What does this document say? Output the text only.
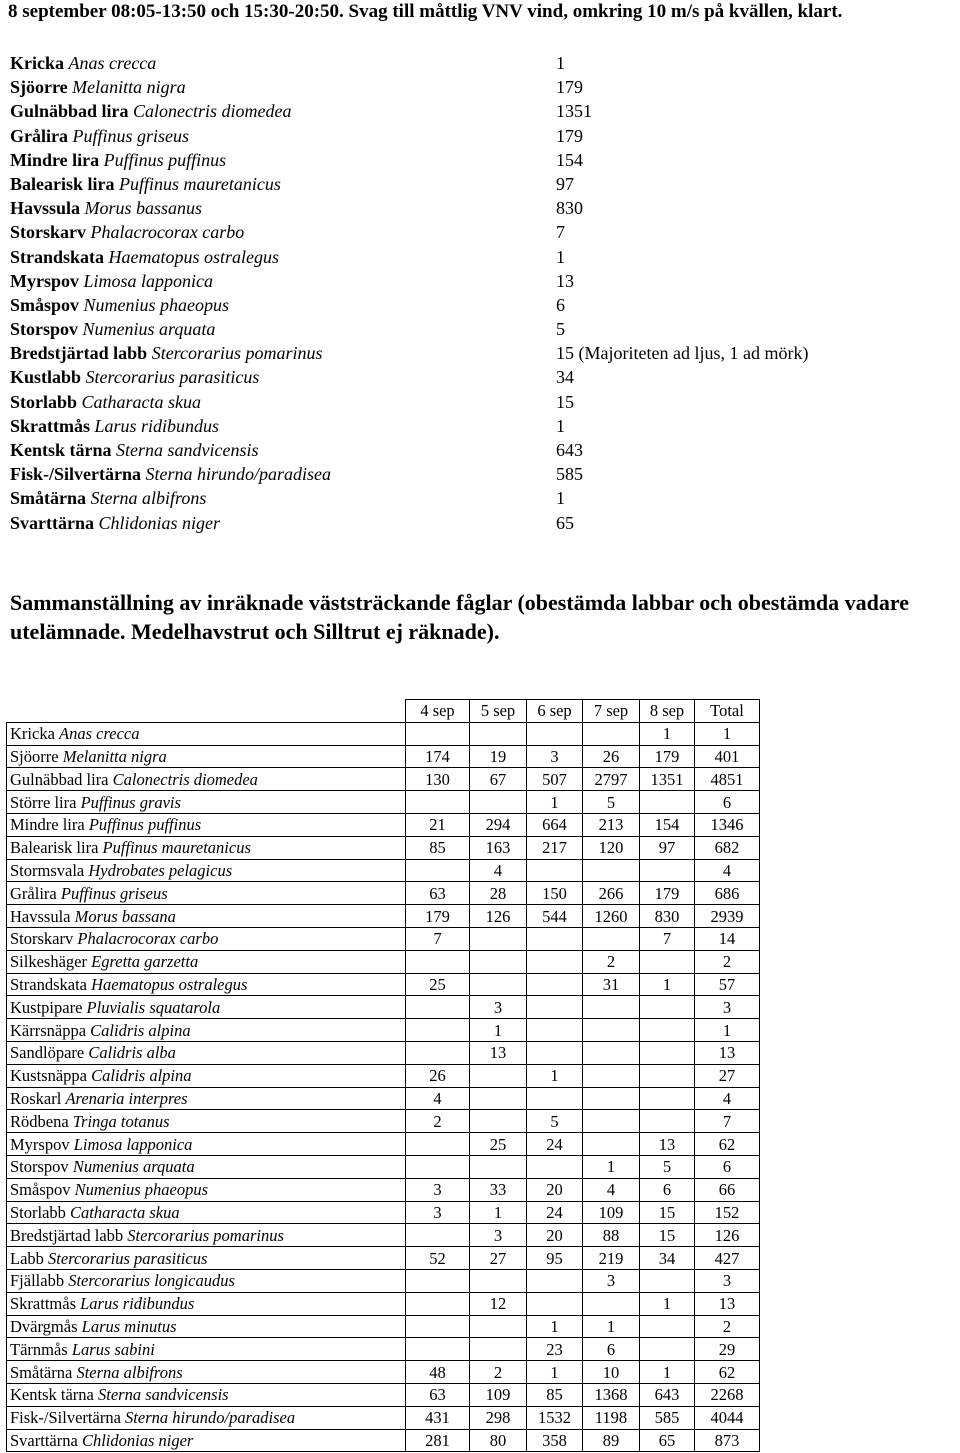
8 september 08:05-13:50 och 15:30-20:50. Svag till måttlig VNV vind, omkring 10 m/s på kvällen, klart.
Kricka Anas crecca	1
Sjöorre Melanitta nigra	179
Gulnäbbad lira Calonectris diomedea	1351
Grålira Puffinus griseus	179
Mindre lira Puffinus puffinus	154
Balearisk lira Puffinus mauretanicus	97
Havssula Morus bassanus	830
Storskarv Phalacrocorax carbo	7
Strandskata Haematopus ostralegus	1
Myrspov Limosa lapponica	13
Småspov Numenius phaeopus	6
Storspov Numenius arquata	5
Bredstjärtad labb Stercorarius pomarinus	15 (Majoriteten ad ljus, 1 ad mörk)
Kustlabb Stercorarius parasiticus	34
Storlabb Catharacta skua	15
Skrattmås Larus ridibundus	1
Kentsk tärna Sterna sandvicensis	643
Fisk-/Silvertärna Sterna hirundo/paradisea	585
Småtärna Sterna albifrons	1
Svarttärna Chlidonias niger	65
Sammanställning av inräknade väststräckande fåglar (obestämda labbar och obestämda vadare utelämnade. Medelhavstrut och Silltrut ej räknade).
	4 sep	5 sep	6 sep	7 sep	8 sep	Total
Kricka Anas crecca					1	1
Sjöorre Melanitta nigra	174	19	3	26	179	401
Gulnäbbad lira Calonectris diomedea	130	67	507	2797	1351	4851
Större lira Puffinus gravis			1	5		6
Mindre lira Puffinus puffinus	21	294	664	213	154	1346
Balearisk lira Puffinus mauretanicus	85	163	217	120	97	682
Stormsvala Hydrobates pelagicus		4				4
Grålira Puffinus griseus	63	28	150	266	179	686
Havssula Morus bassana	179	126	544	1260	830	2939
Storskarv Phalacrocorax carbo	7				7	14
Silkeshäger Egretta garzetta				2		2
Strandskata Haematopus ostralegus	25			31	1	57
Kustpipare Pluvialis squatarola		3				3
Kärrsnäppa Calidris alpina		1				1
Sandlöpare Calidris alba		13				13
Kustsnäppa Calidris alpina	26		1			27
Roskarl Arenaria interpres	4					4
Rödbena Tringa totanus	2		5			7
Myrspov Limosa lapponica		25	24		13	62
Storspov Numenius arquata				1	5	6
Småspov Numenius phaeopus	3	33	20	4	6	66
Storlabb Catharacta skua	3	1	24	109	15	152
Bredstjärtad labb Stercorarius pomarinus		3	20	88	15	126
Labb Stercorarius parasiticus	52	27	95	219	34	427
Fjällabb Stercorarius longicaudus				3		3
Skrattmås Larus ridibundus		12			1	13
Dvärgmås Larus minutus			1	1		2
Tärnmås Larus sabini			23	6		29
Småtärna Sterna albifrons	48	2	1	10	1	62
Kentsk tärna Sterna sandvicensis	63	109	85	1368	643	2268
Fisk-/Silvertärna Sterna hirundo/paradisea	431	298	1532	1198	585	4044
Svarttärna Chlidonias niger	281	80	358	89	65	873
